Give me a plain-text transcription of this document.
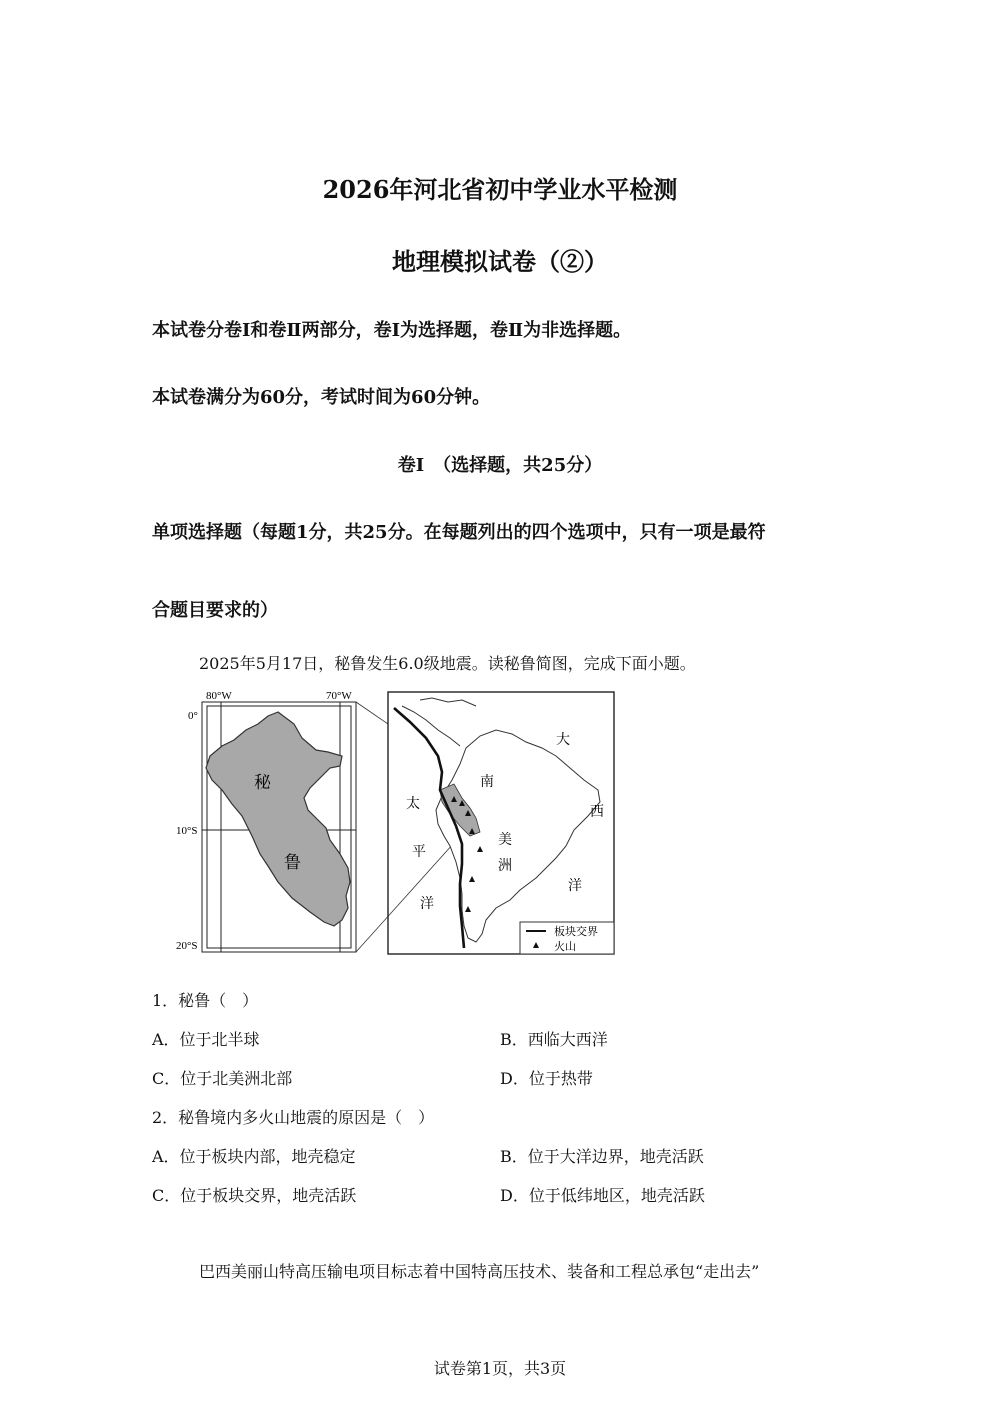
2026年河北省初中学业水平检测
地理模拟试卷（②）
本试卷分卷Ⅰ和卷Ⅱ两部分，卷Ⅰ为选择题，卷Ⅱ为非选择题。
本试卷满分为60分，考试时间为60分钟。
卷Ⅰ　（选择题，共25分）
单项选择题（每题1分，共25分。在每题列出的四个选项中，只有一项是最符
合题目要求的）
2025年5月17日，秘鲁发生6.0级地震。读秘鲁简图，完成下面小题。
80°W	70°W
0°
10°S
20°S
秘
鲁
太
平
洋
大
西
洋
南
美
洲
板块交界
火山
1．秘鲁（　）
A．位于北半球	B．西临大西洋
C．位于北美洲北部	D．位于热带
2．秘鲁境内多火山地震的原因是（　）
A．位于板块内部，地壳稳定	B．位于大洋边界，地壳活跃
C．位于板块交界，地壳活跃	D．位于低纬地区，地壳活跃
巴西美丽山特高压输电项目标志着中国特高压技术、装备和工程总承包“走出去”
试卷第1页，共3页
